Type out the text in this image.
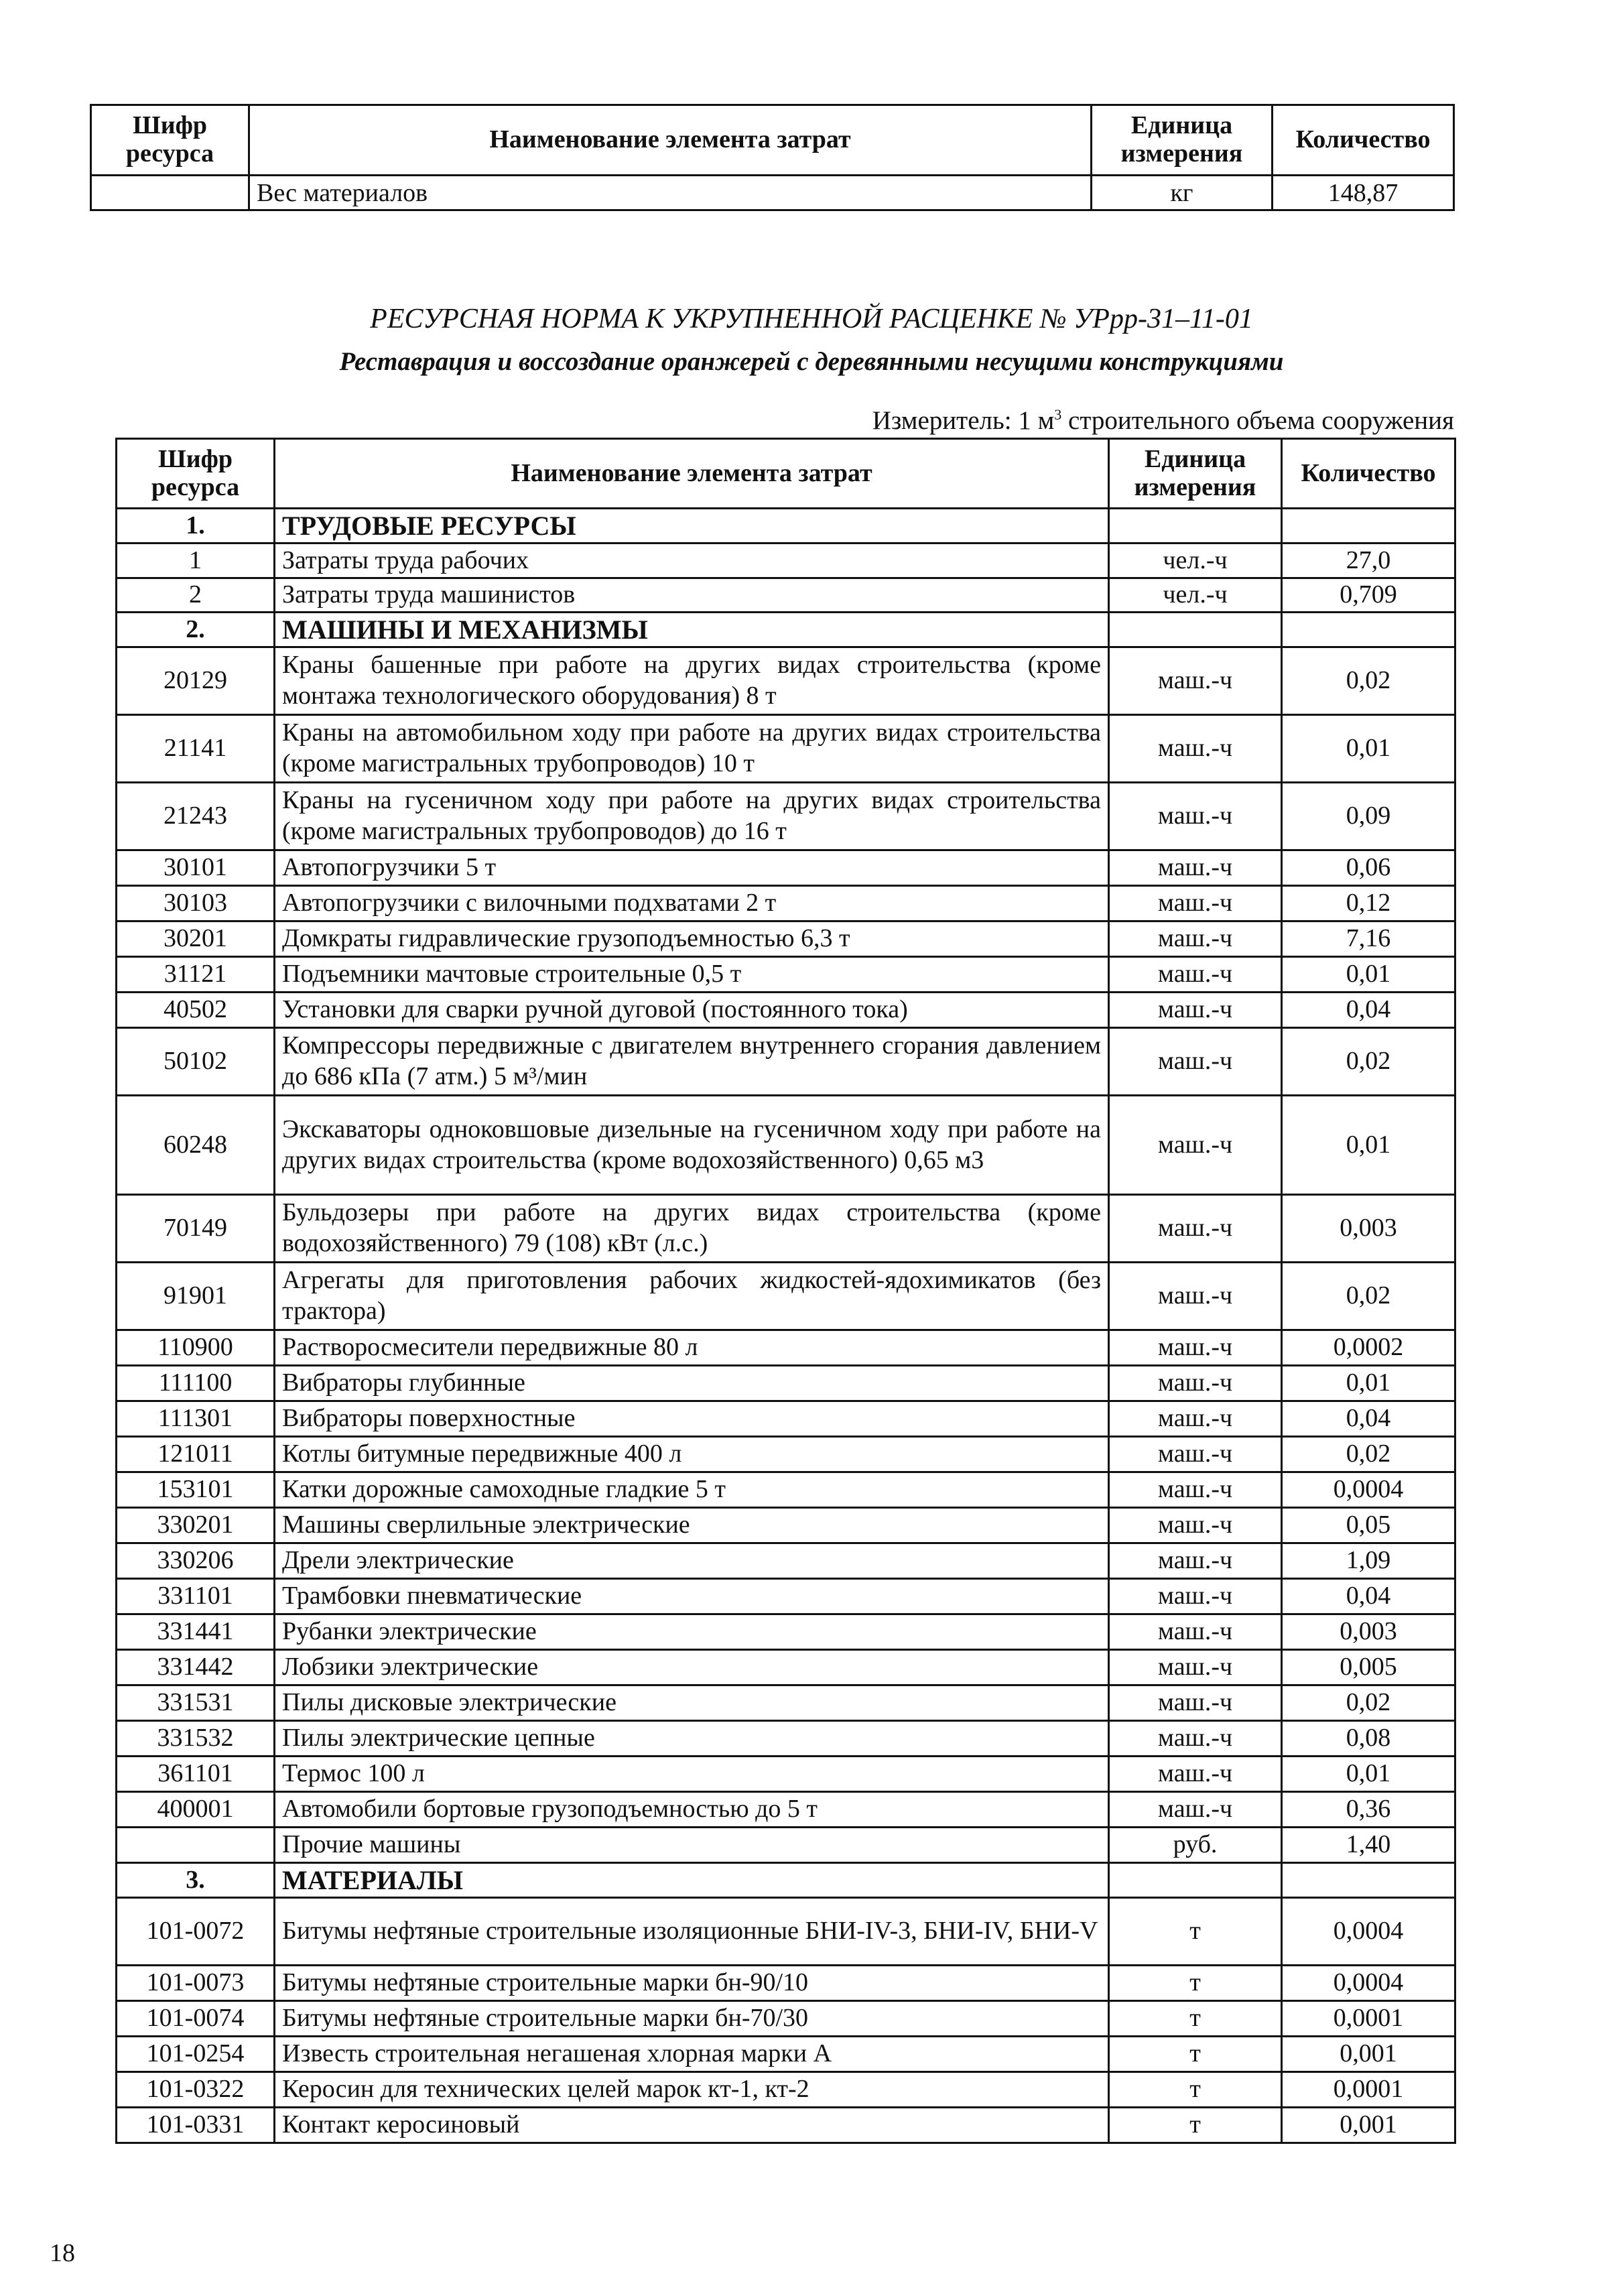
Шифр ресурса	Наименование элемента затрат	Единица измерения	Количество
	Вес материалов	кг	148,87
РЕСУРСНАЯ НОРМА К УКРУПНЕННОЙ РАСЦЕНКЕ № УРрр-31–11-01
Реставрация и воссоздание оранжерей с деревянными несущими конструкциями
Измеритель: 1 $м^3$ строительного объема сооружения
Шифр ресурса	Наименование элемента затрат	Единица измерения	Количество
1.	ТРУДОВЫЕ РЕСУРСЫ		
1	Затраты труда рабочих	чел.-ч	27,0
2	Затраты труда машинистов	чел.-ч	0,709
2.	МАШИНЫ И МЕХАНИЗМЫ		
20129	Краны башенные при работе на других видах строительства (кроме монтажа технологического оборудования) 8 т	маш.-ч	0,02
21141	Краны на автомобильном ходу при работе на других видах строительства (кроме магистральных трубопроводов) 10 т	маш.-ч	0,01
21243	Краны на гусеничном ходу при работе на других видах строительства (кроме магистральных трубопроводов) до 16 т	маш.-ч	0,09
30101	Автопогрузчики 5 т	маш.-ч	0,06
30103	Автопогрузчики с вилочными подхватами 2 т	маш.-ч	0,12
30201	Домкраты гидравлические грузоподъемностью 6,3 т	маш.-ч	7,16
31121	Подъемники мачтовые строительные 0,5 т	маш.-ч	0,01
40502	Установки для сварки ручной дуговой (постоянного тока)	маш.-ч	0,04
50102	Компрессоры передвижные с двигателем внутреннего сгорания давлением до 686 кПа (7 атм.) 5 м³/мин	маш.-ч	0,02
60248	Экскаваторы одноковшовые дизельные на гусеничном ходу при работе на других видах строительства (кроме водохозяйственного) 0,65 м3	маш.-ч	0,01
70149	Бульдозеры при работе на других видах строительства (кроме водохозяйственного) 79 (108) кВт (л.с.)	маш.-ч	0,003
91901	Агрегаты для приготовления рабочих жидкостей-ядохимикатов (без трактора)	маш.-ч	0,02
110900	Растворосмесители передвижные 80 л	маш.-ч	0,0002
111100	Вибраторы глубинные	маш.-ч	0,01
111301	Вибраторы поверхностные	маш.-ч	0,04
121011	Котлы битумные передвижные 400 л	маш.-ч	0,02
153101	Катки дорожные самоходные гладкие 5 т	маш.-ч	0,0004
330201	Машины сверлильные электрические	маш.-ч	0,05
330206	Дрели электрические	маш.-ч	1,09
331101	Трамбовки пневматические	маш.-ч	0,04
331441	Рубанки электрические	маш.-ч	0,003
331442	Лобзики электрические	маш.-ч	0,005
331531	Пилы дисковые электрические	маш.-ч	0,02
331532	Пилы электрические цепные	маш.-ч	0,08
361101	Термос 100 л	маш.-ч	0,01
400001	Автомобили бортовые грузоподъемностью до 5 т	маш.-ч	0,36
	Прочие машины	руб.	1,40
3.	МАТЕРИАЛЫ		
101-0072	Битумы нефтяные строительные изоляционные БНИ-IV-3, БНИ-IV, БНИ-V	т	0,0004
101-0073	Битумы нефтяные строительные марки бн-90/10	т	0,0004
101-0074	Битумы нефтяные строительные марки бн-70/30	т	0,0001
101-0254	Известь строительная негашеная хлорная марки А	т	0,001
101-0322	Керосин для технических целей марок кт-1, кт-2	т	0,0001
101-0331	Контакт керосиновый	т	0,001
18
